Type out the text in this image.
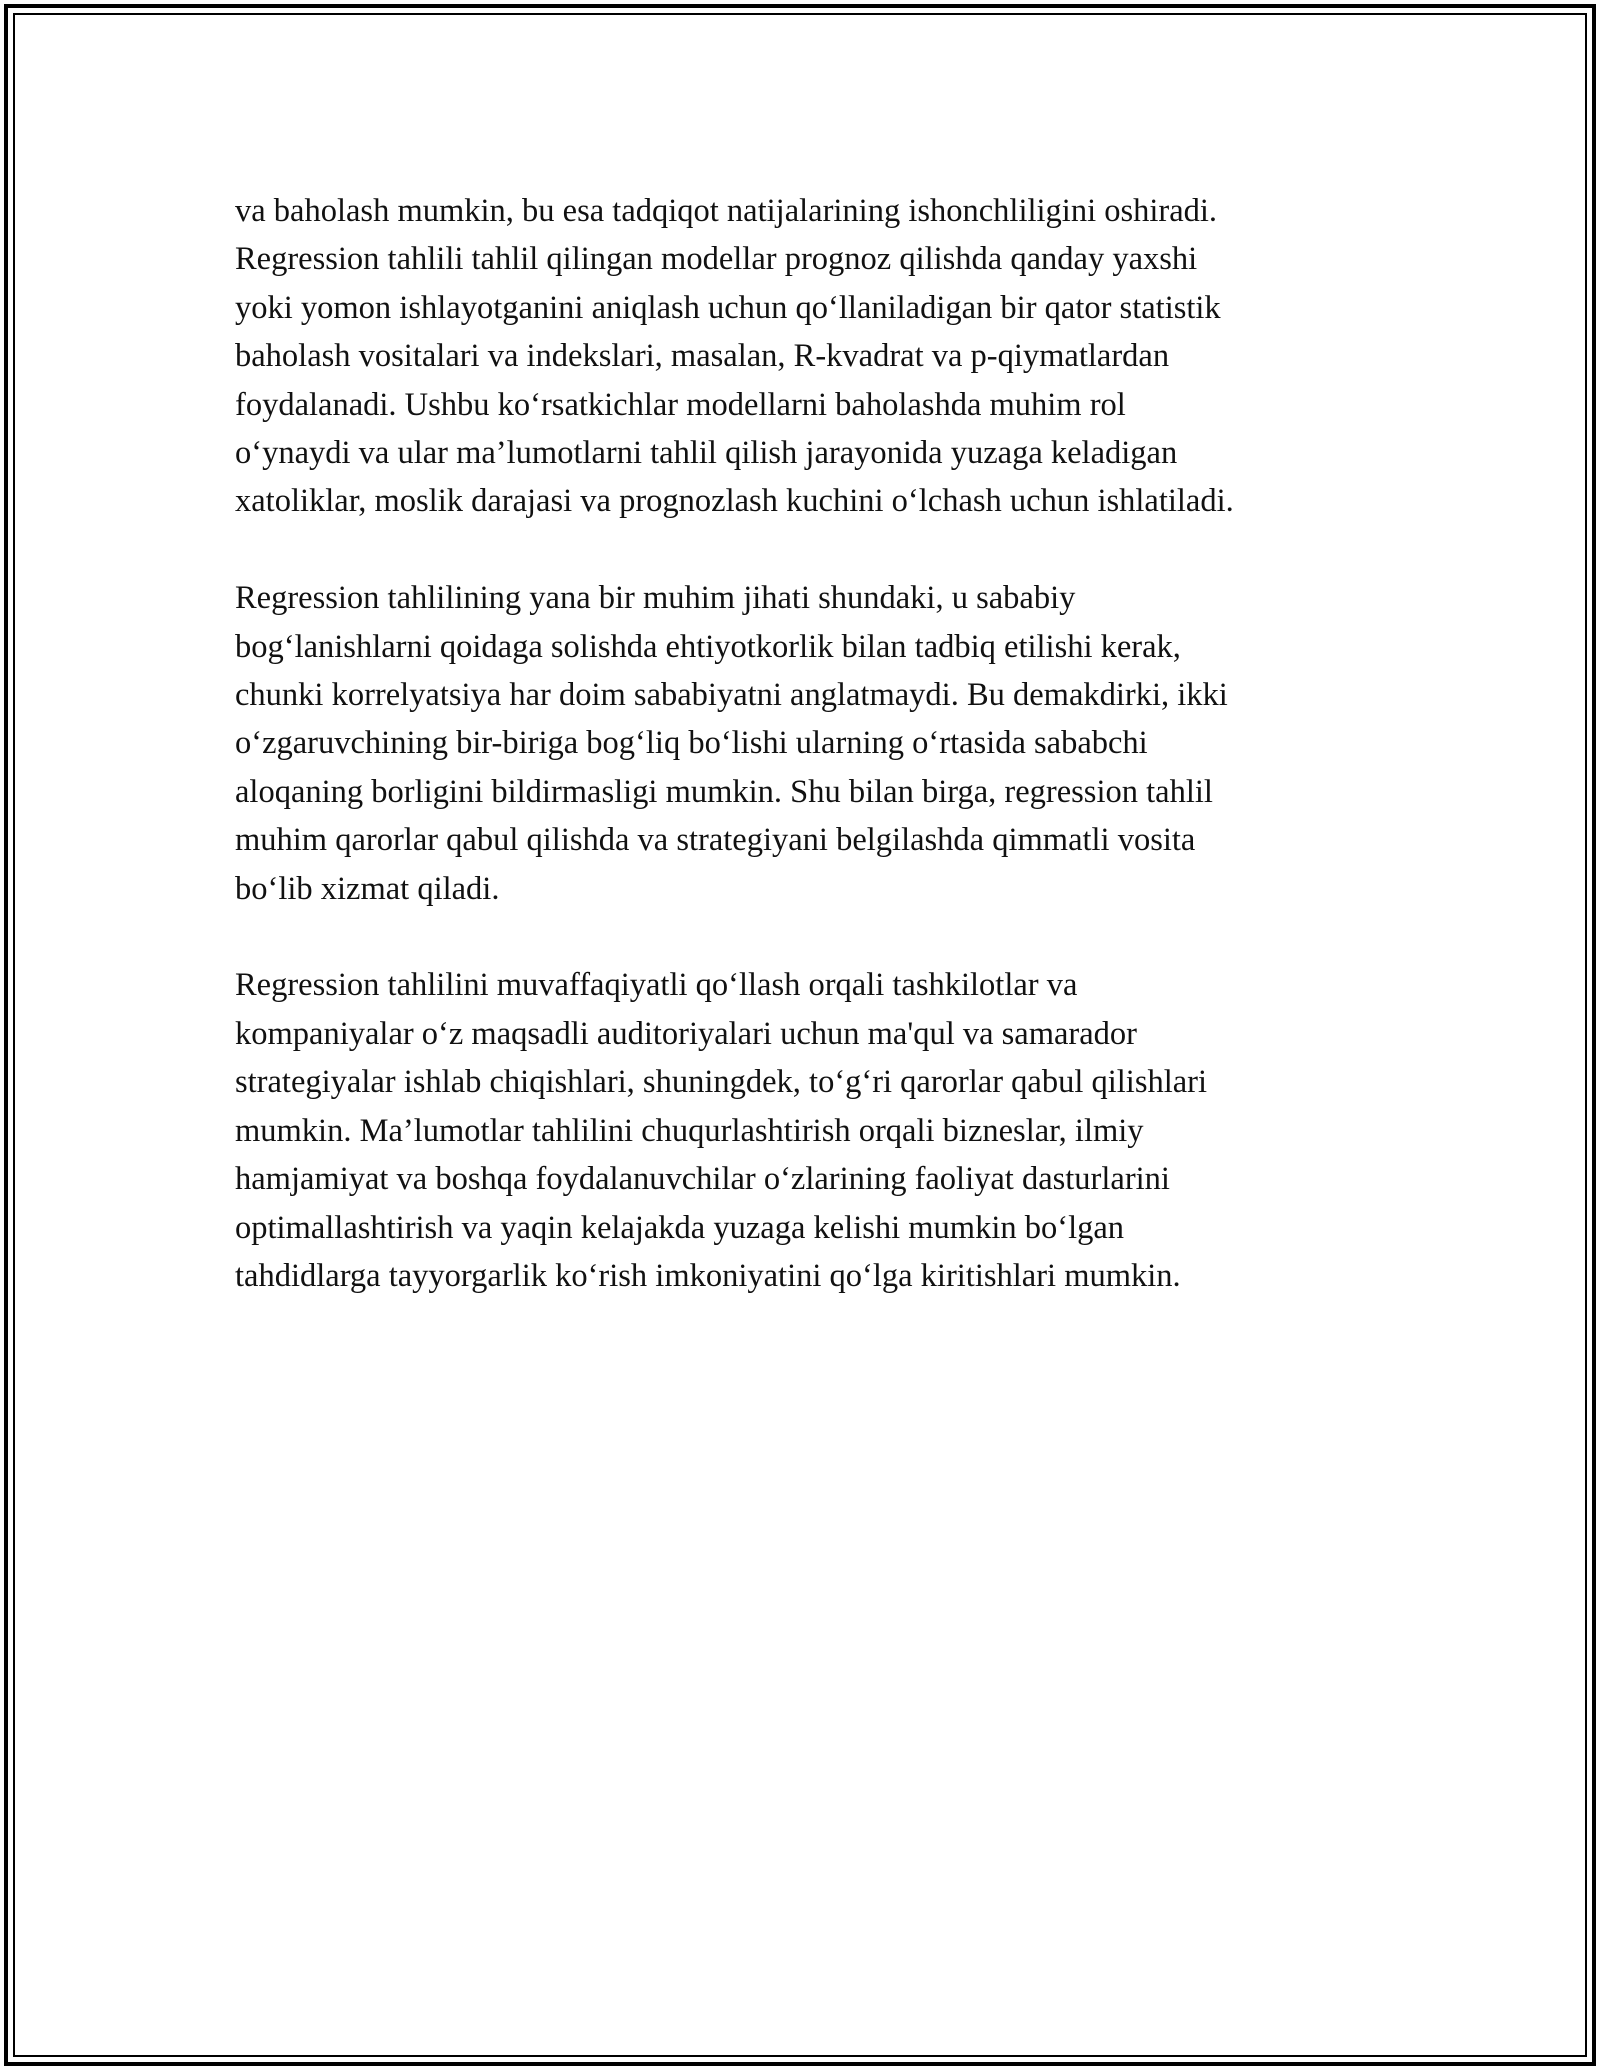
va baholash mumkin, bu esa tadqiqot natijalarining ishonchliligini oshiradi.
Regression tahlili tahlil qilingan modellar prognoz qilishda qanday yaxshi
yoki yomon ishlayotganini aniqlash uchun qo‘llaniladigan bir qator statistik
baholash vositalari va indekslari, masalan, R-kvadrat va p-qiymatlardan
foydalanadi. Ushbu ko‘rsatkichlar modellarni baholashda muhim rol
o‘ynaydi va ular ma’lumotlarni tahlil qilish jarayonida yuzaga keladigan
xatoliklar, moslik darajasi va prognozlash kuchini o‘lchash uchun ishlatiladi.

Regression tahlilining yana bir muhim jihati shundaki, u sababiy
bog‘lanishlarni qoidaga solishda ehtiyotkorlik bilan tadbiq etilishi kerak,
chunki korrelyatsiya har doim sababiyatni anglatmaydi. Bu demakdirki, ikki
o‘zgaruvchining bir-biriga bog‘liq bo‘lishi ularning o‘rtasida sababchi
aloqaning borligini bildirmasligi mumkin. Shu bilan birga, regression tahlil
muhim qarorlar qabul qilishda va strategiyani belgilashda qimmatli vosita
bo‘lib xizmat qiladi.

Regression tahlilini muvaffaqiyatli qo‘llash orqali tashkilotlar va
kompaniyalar o‘z maqsadli auditoriyalari uchun ma'qul va samarador
strategiyalar ishlab chiqishlari, shuningdek, to‘g‘ri qarorlar qabul qilishlari
mumkin. Ma’lumotlar tahlilini chuqurlashtirish orqali bizneslar, ilmiy
hamjamiyat va boshqa foydalanuvchilar o‘zlarining faoliyat dasturlarini
optimallashtirish va yaqin kelajakda yuzaga kelishi mumkin bo‘lgan
tahdidlarga tayyorgarlik ko‘rish imkoniyatini qo‘lga kiritishlari mumkin.
